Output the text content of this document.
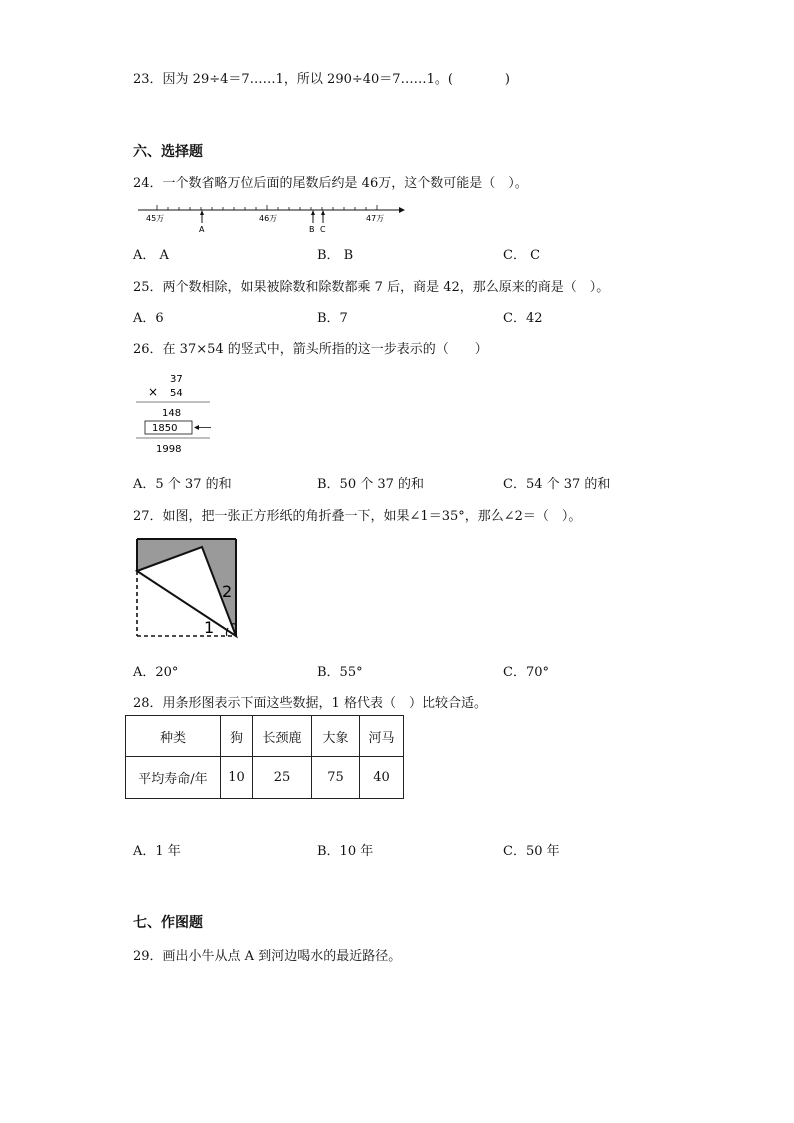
23．因为 29÷4＝7……1，所以 290÷40＝7……1。(　　　　)
六、选择题
24．一个数省略万位后面的尾数后约是 46万，这个数可能是（　）。
45万	46万	47万
A	B C
A． A	B． B	C． C
25．两个数相除，如果被除数和除数都乘 7 后，商是 42，那么原来的商是（　）。
A．6	B．7	C．42
26．在 37×54 的竖式中，箭头所指的这一步表示的（　　）
37
× 54
148
1850
1998
A．5 个 37 的和	B．50 个 37 的和	C．54 个 37 的和
27．如图，把一张正方形纸的角折叠一下，如果∠1＝35°，那么∠2＝（　）。
1
2
A．20°	B．55°	C．70°
28．用条形图表示下面这些数据，1 格代表（　）比较合适。
种类	狗	长颈鹿	大象	河马
平均寿命/年	10	25	75	40
A．1 年	B．10 年	C．50 年
七、作图题
29．画出小牛从点 A 到河边喝水的最近路径。
